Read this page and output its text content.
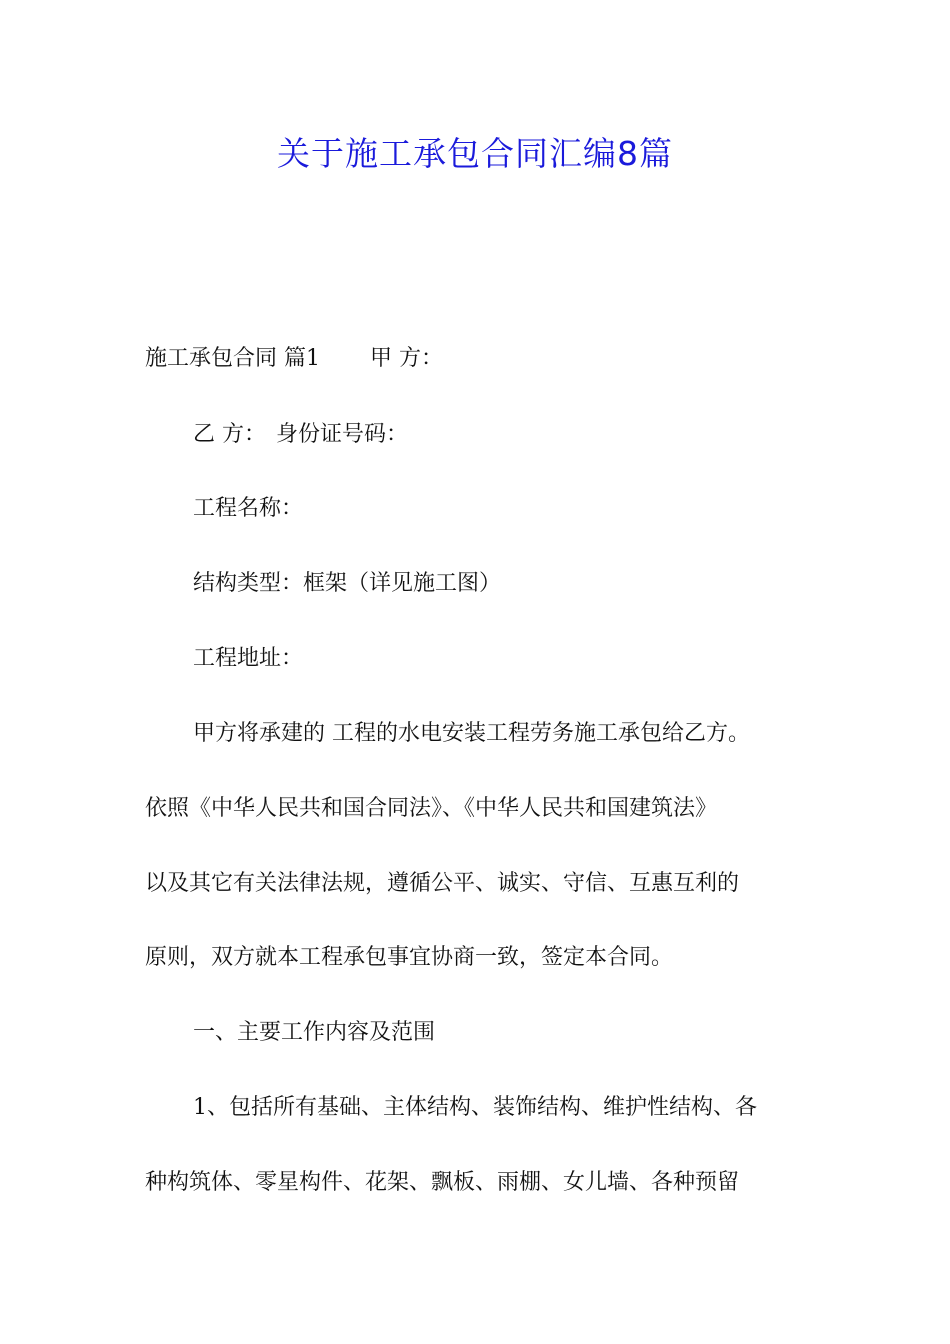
关于施工承包合同汇编8篇

施工承包合同 篇1 甲 方：

乙 方： 身份证号码：

工程名称：

结构类型：框架（详见施工图）

工程地址：

甲方将承建的 工程的水电安装工程劳务施工承包给乙方。

依照《中华人民共和国合同法》、《中华人民共和国建筑法》

以及其它有关法律法规，遵循公平、诚实、守信、互惠互利的

原则，双方就本工程承包事宜协商一致，签定本合同。

一、主要工作内容及范围

1、包括所有基础、主体结构、装饰结构、维护性结构、各

种构筑体、零星构件、花架、飘板、雨棚、女儿墙、各种预留
